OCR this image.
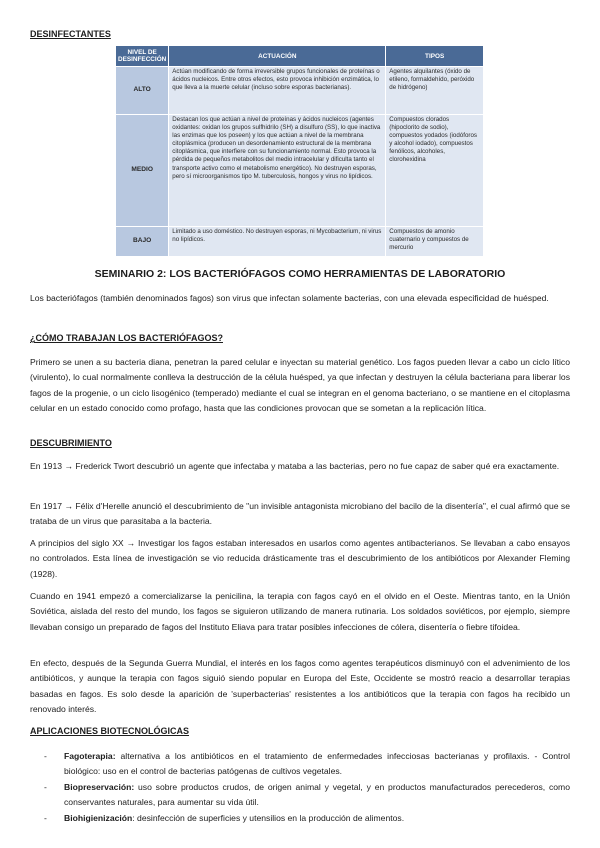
DESINFECTANTES
NIVEL DE DESINFECCIÓN	ACTUACIÓN	TIPOS
ALTO	Actúan modificando de forma irreversible grupos funcionales de proteínas o ácidos nucleicos. Entre otros efectos, esto provoca inhibición enzimática, lo que lleva a la muerte celular (incluso sobre esporas bacterianas).	Agentes alquilantes (óxido de etileno, formaldehído, peróxido de hidrógeno)
MEDIO	Destacan los que actúan a nivel de proteínas y ácidos nucleicos (agentes oxidantes: oxidan los grupos sulfhidrilo (SH) a disulfuro (SS), lo que inactiva las enzimas que los poseen) y los que actúan a nivel de la membrana citoplásmica (producen un desordenamiento estructural de la membrana citoplásmica, que interfiere con su funcionamiento normal. Esto provoca la pérdida de pequeños metabolitos del medio intracelular y dificulta tanto el transporte activo como el metabolismo energético). No destruyen esporas, pero sí microorganismos tipo M. tuberculosis, hongos y virus no lipídicos.	Compuestos clorados (hipoclorito de sodio), compuestos yodados (iodóforos y alcohol iodado), compuestos fenólicos, alcoholes, clorohexidina
BAJO	Limitado a uso doméstico. No destruyen esporas, ni Mycobacterium, ni virus no lipídicos.	Compuestos de amonio cuaternario y compuestos de mercurio
SEMINARIO 2: LOS BACTERIÓFAGOS COMO HERRAMIENTAS DE LABORATORIO

Los bacteriófagos (también denominados fagos) son virus que infectan solamente bacterias, con una elevada especificidad de huésped.

¿CÓMO TRABAJAN LOS BACTERIÓFAGOS?

Primero se unen a su bacteria diana, penetran la pared celular e inyectan su material genético. Los fagos pueden llevar a cabo un ciclo lítico (virulento), lo cual normalmente conlleva la destrucción de la célula huésped, ya que infectan y destruyen la célula bacteriana para liberar los fagos de la progenie, o un ciclo lisogénico (temperado) mediante el cual se integran en el genoma bacteriano, o se mantiene en el citoplasma celular en un estado conocido como profago, hasta que las condiciones provocan que se sometan a la replicación lítica.

DESCUBRIMIENTO

En 1913 → Frederick Twort descubrió un agente que infectaba y mataba a las bacterias, pero no fue capaz de saber qué era exactamente.

En 1917 → Félix d'Herelle anunció el descubrimiento de "un invisible antagonista microbiano del bacilo de la disentería", el cual afirmó que se trataba de un virus que parasitaba a la bacteria.

A principios del siglo XX → Investigar los fagos estaban interesados en usarlos como agentes antibacterianos. Se llevaban a cabo ensayos no controlados. Esta línea de investigación se vio reducida drásticamente tras el descubrimiento de los antibióticos por Alexander Fleming (1928).

Cuando en 1941 empezó a comercializarse la penicilina, la terapia con fagos cayó en el olvido en el Oeste. Mientras tanto, en la Unión Soviética, aislada del resto del mundo, los fagos se siguieron utilizando de manera rutinaria. Los soldados soviéticos, por ejemplo, siempre llevaban consigo un preparado de fagos del Instituto Eliava para tratar posibles infecciones de cólera, disentería o fiebre tifoidea.

En efecto, después de la Segunda Guerra Mundial, el interés en los fagos como agentes terapéuticos disminuyó con el advenimiento de los antibióticos, y aunque la terapia con fagos siguió siendo popular en Europa del Este, Occidente se mostró reacio a desarrollar terapias basadas en fagos. Es solo desde la aparición de 'superbacterias' resistentes a los antibióticos que la terapia con fagos ha recibido un renovado interés.

APLICACIONES BIOTECNOLÓGICAS
- Fagoterapia: alternativa a los antibióticos en el tratamiento de enfermedades infecciosas bacterianas y profilaxis. - Control biológico: uso en el control de bacterias patógenas de cultivos vegetales.
- Biopreservación: uso sobre productos crudos, de origen animal y vegetal, y en productos manufacturados perecederos, como conservantes naturales, para aumentar su vida útil.
- Biohigienización: desinfección de superficies y utensilios en la producción de alimentos.
